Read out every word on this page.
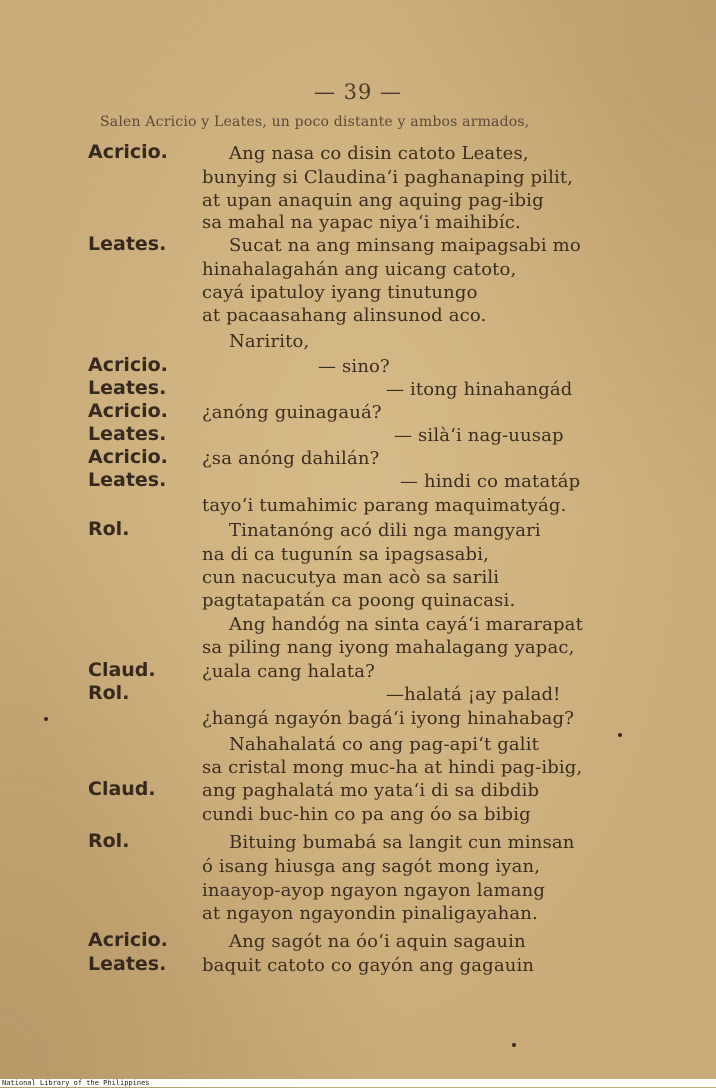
— 39 —
Salen Acricio y Leates, un poco distante y ambos armados,
Acricio.
Leates.
Acricio.
Leates.
Acricio.
Leates.
Acricio.
Leates.
Rol.
Claud.
Rol.
Claud.
Rol.
Acricio.
Leates.
Ang nasa co disin catoto Leates,
bunying si Claudina‘i paghanaping pilit,
at upan anaquin ang aquing pag-ibig
sa mahal na yapac niya‘i maihibíc.
Sucat na ang minsang maipagsabi mo
hinahalagahán ang uicang catoto,
cayá ipatuloy iyang tinutungo
at pacaasahang alinsunod aco.
Naririto,
— sino?
— itong hinahangád
¿anóng guinagauá?
— silà‘i nag-uusap
¿sa anóng dahilán?
— hindi co matatáp
tayo‘i tumahimic parang maquimatyág.
Tinatanóng acó dili nga mangyari
na di ca tugunín sa ipagsasabi,
cun nacucutya man acò sa sarili
pagtatapatán ca poong quinacasi.
Ang handóg na sinta cayá‘i mararapat
sa piling nang iyong mahalagang yapac,
¿uala cang halata?
—halatá ¡ay palad!
¿hangá ngayón bagá‘i iyong hinahabag?
Nahahalatá co ang pag-api‘t galit
sa cristal mong muc-ha at hindi pag-ibig,
ang paghalatá mo yata‘i di sa dibdib
cundi buc-hin co pa ang óo sa bibig
Bituing bumabá sa langit cun minsan
ó isang hiusga ang sagót mong iyan,
inaayop-ayop ngayon ngayon lamang
at ngayon ngayondin pinaligayahan.
Ang sagót na óo‘i aquin sagauin
baquit catoto co gayón ang gagauin
National Library of the Philippines
